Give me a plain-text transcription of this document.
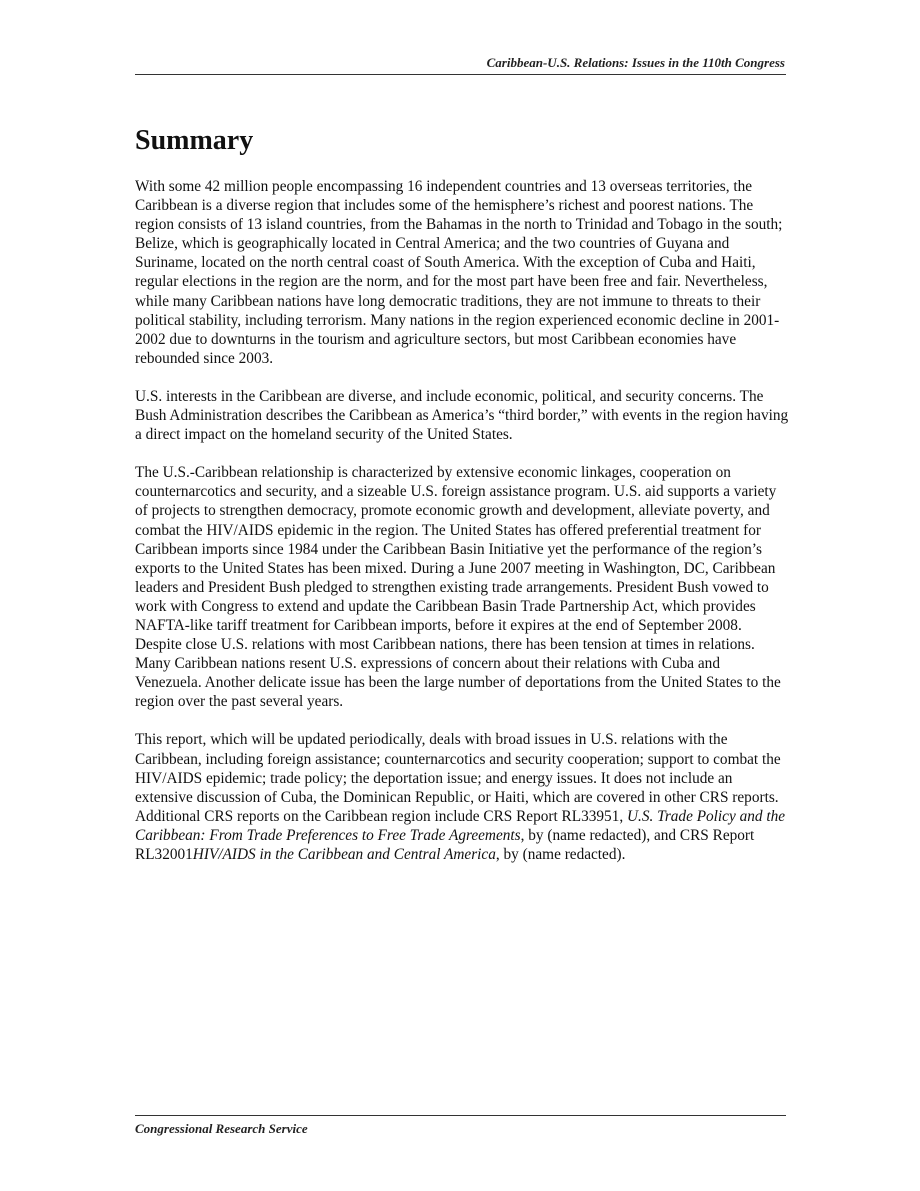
Caribbean-U.S. Relations: Issues in the 110th Congress
Summary

With some 42 million people encompassing 16 independent countries and 13 overseas territories, the Caribbean is a diverse region that includes some of the hemisphere’s richest and poorest nations. The region consists of 13 island countries, from the Bahamas in the north to Trinidad and Tobago in the south; Belize, which is geographically located in Central America; and the two countries of Guyana and Suriname, located on the north central coast of South America. With the exception of Cuba and Haiti, regular elections in the region are the norm, and for the most part have been free and fair. Nevertheless, while many Caribbean nations have long democratic traditions, they are not immune to threats to their political stability, including terrorism. Many nations in the region experienced economic decline in 2001-2002 due to downturns in the tourism and agriculture sectors, but most Caribbean economies have rebounded since 2003.

U.S. interests in the Caribbean are diverse, and include economic, political, and security concerns. The Bush Administration describes the Caribbean as America’s “third border,” with events in the region having a direct impact on the homeland security of the United States.

The U.S.-Caribbean relationship is characterized by extensive economic linkages, cooperation on counternarcotics and security, and a sizeable U.S. foreign assistance program. U.S. aid supports a variety of projects to strengthen democracy, promote economic growth and development, alleviate poverty, and combat the HIV/AIDS epidemic in the region. The United States has offered preferential treatment for Caribbean imports since 1984 under the Caribbean Basin Initiative yet the performance of the region’s exports to the United States has been mixed. During a June 2007 meeting in Washington, DC, Caribbean leaders and President Bush pledged to strengthen existing trade arrangements. President Bush vowed to work with Congress to extend and update the Caribbean Basin Trade Partnership Act, which provides NAFTA-like tariff treatment for Caribbean imports, before it expires at the end of September 2008. Despite close U.S. relations with most Caribbean nations, there has been tension at times in relations. Many Caribbean nations resent U.S. expressions of concern about their relations with Cuba and Venezuela. Another delicate issue has been the large number of deportations from the United States to the region over the past several years.

This report, which will be updated periodically, deals with broad issues in U.S. relations with the Caribbean, including foreign assistance; counternarcotics and security cooperation; support to combat the HIV/AIDS epidemic; trade policy; the deportation issue; and energy issues. It does not include an extensive discussion of Cuba, the Dominican Republic, or Haiti, which are covered in other CRS reports. Additional CRS reports on the Caribbean region include CRS Report RL33951, U.S. Trade Policy and the Caribbean: From Trade Preferences to Free Trade Agreements, by (name redacted), and CRS Report RL32001HIV/AIDS in the Caribbean and Central America, by (name redacted).

Congressional Research Service
